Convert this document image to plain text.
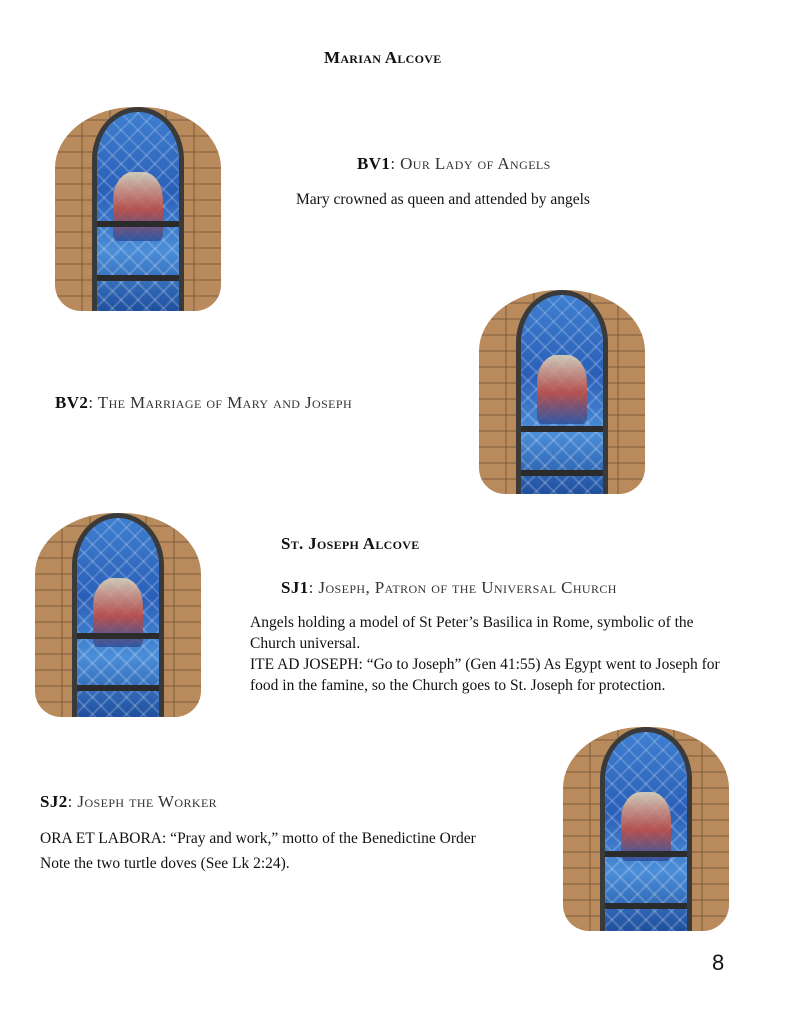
Marian Alcove
BV1: Our Lady of Angels
Mary crowned as queen and attended by angels
BV2: The Marriage of Mary and Joseph
St. Joseph Alcove
SJ1: Joseph, Patron of the Universal Church
Angels holding a model of St Peter’s Basilica in Rome, symbolic of the
Church universal.
ITE AD JOSEPH: “Go to Joseph” (Gen 41:55) As Egypt went to Joseph for
food in the famine, so the Church goes to St. Joseph for protection.
SJ2: Joseph the Worker
ORA ET LABORA: “Pray and work,” motto of the Benedictine Order
Note the two turtle doves (See Lk 2:24).
8
